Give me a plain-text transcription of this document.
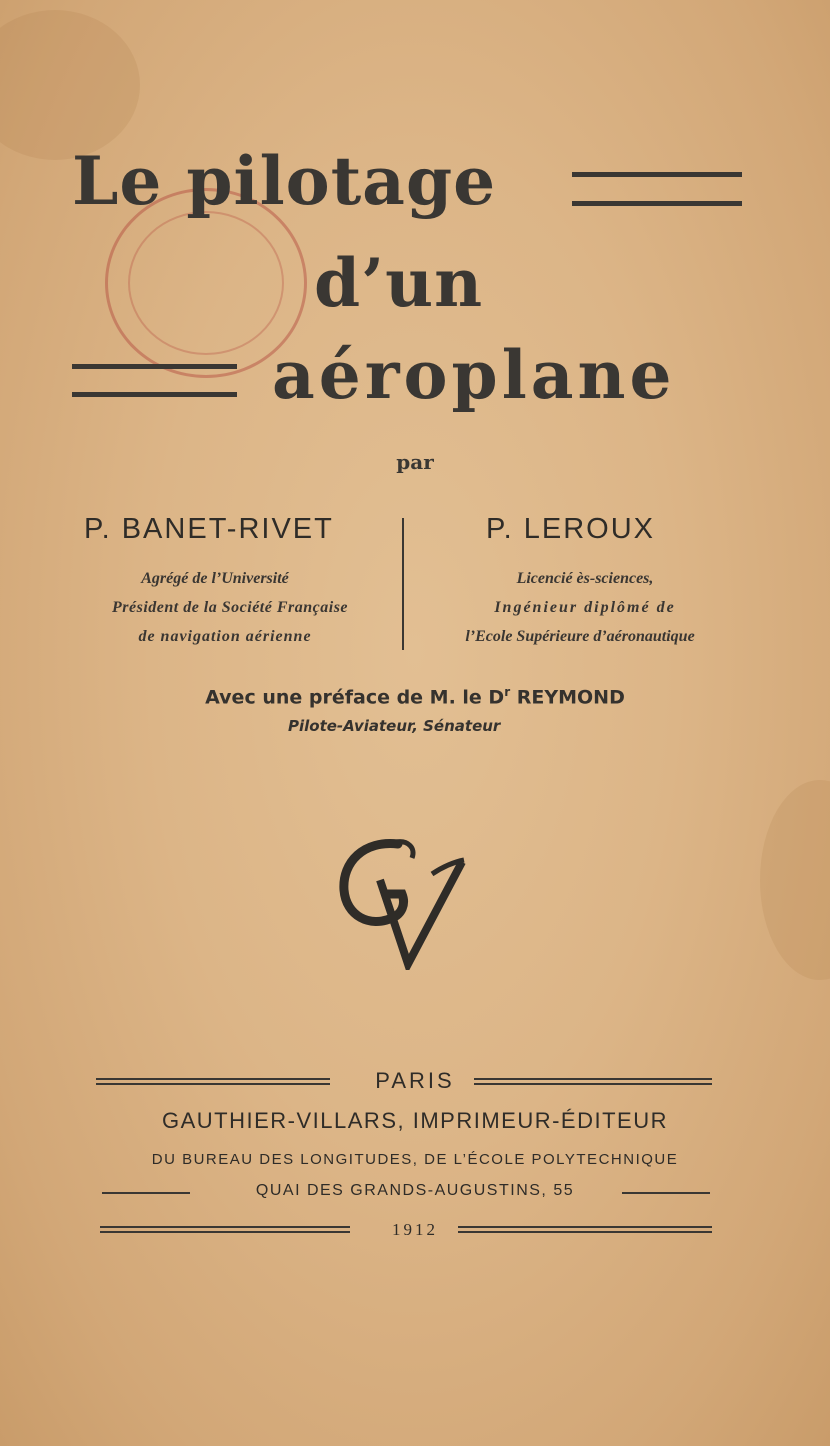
Le pilotage
d’un
aéroplane
par
P. BANET-RIVET
Agrégé de l’Université
Président de la Société Française
de navigation aérienne
P. LEROUX
Licencié ès-sciences,
Ingénieur diplômé de
l’Ecole Supérieure d’aéronautique
Avec une préface de M. le $D^r$ REYMOND
Pilote-Aviateur, Sénateur
PARIS
GAUTHIER-VILLARS, IMPRIMEUR-ÉDITEUR
DU BUREAU DES LONGITUDES, DE L’ÉCOLE POLYTECHNIQUE
QUAI DES GRANDS-AUGUSTINS, 55
1912
